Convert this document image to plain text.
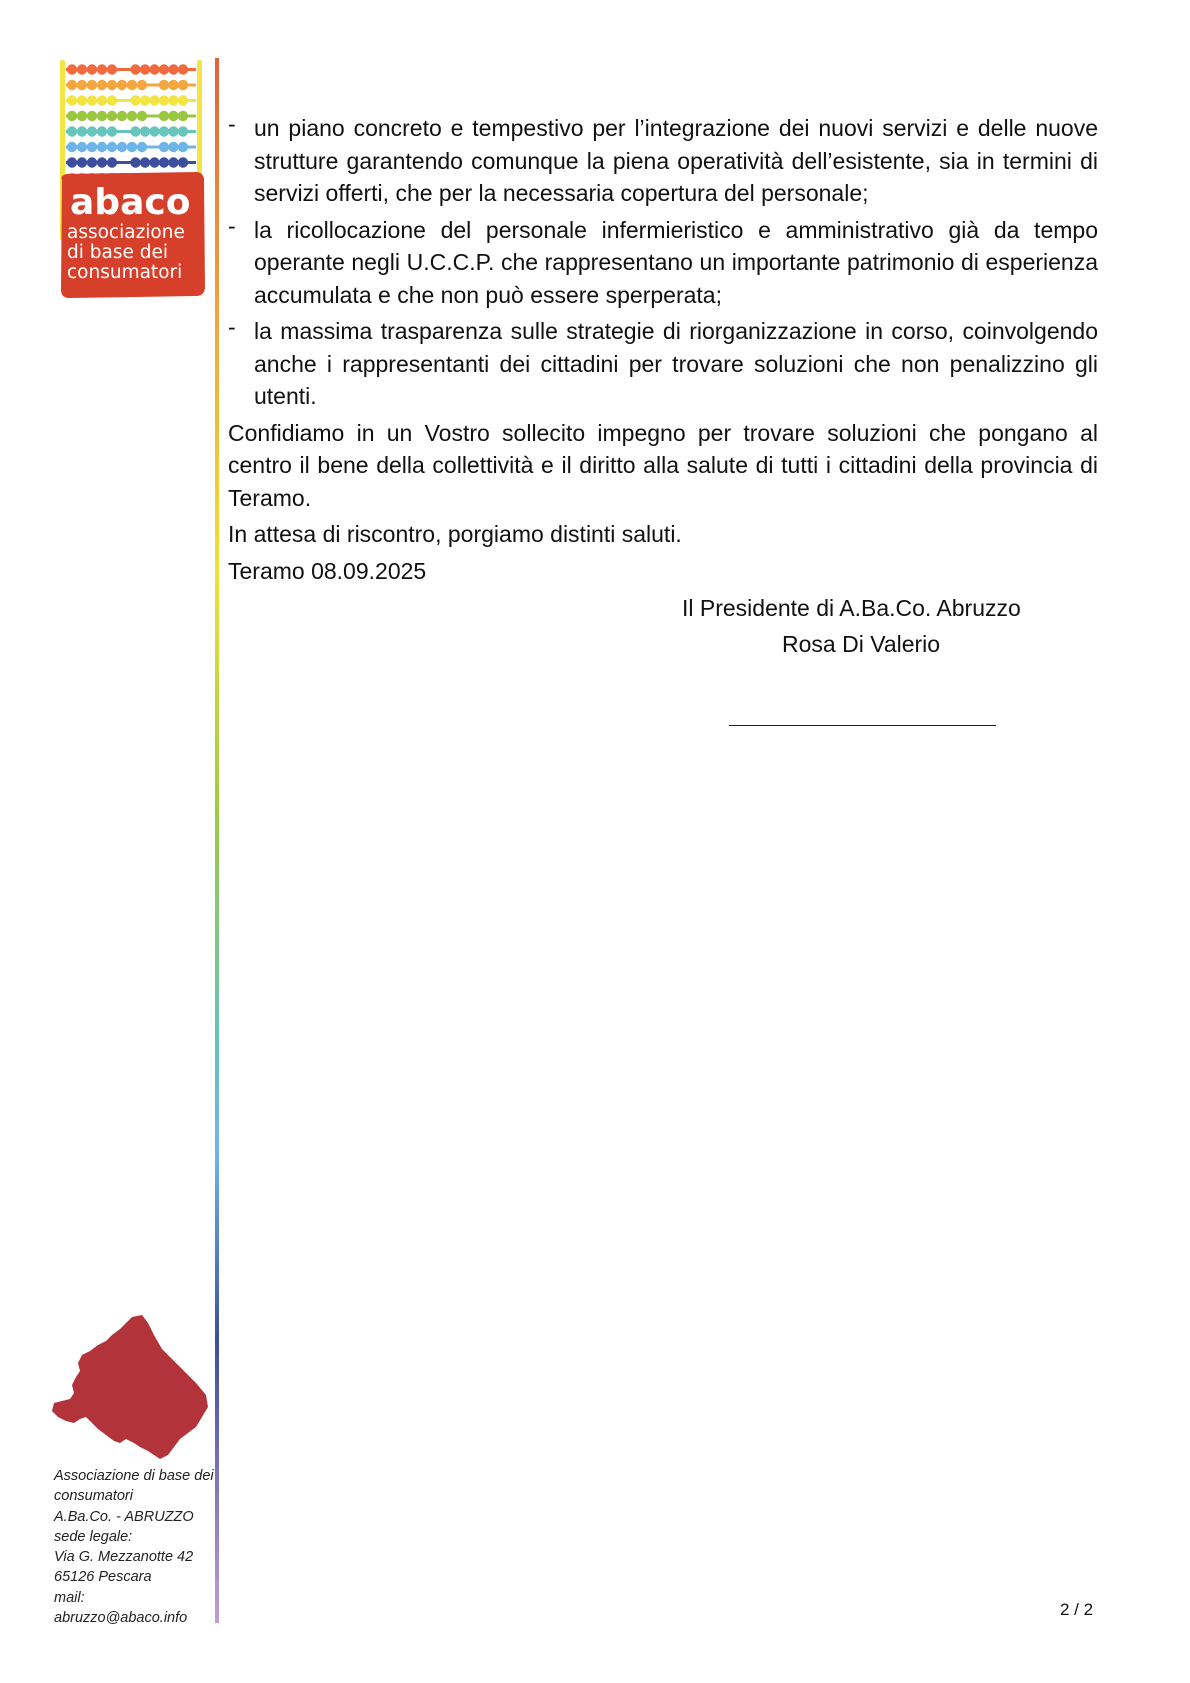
abaco
associazione
di base dei
consumatori
- un piano concreto e tempestivo per l’integrazione dei nuovi servizi e delle nuove strutture garantendo comunque la piena operatività dell’esistente, sia in termini di servizi offerti, che per la necessaria copertura del personale;
- la ricollocazione del personale infermieristico e amministrativo già da tempo operante negli U.C.C.P. che rappresentano un importante patrimonio di esperienza accumulata e che non può essere sperperata;
- la massima trasparenza sulle strategie di riorganizzazione in corso, coinvolgendo anche i rappresentanti dei cittadini per trovare soluzioni che non penalizzino gli utenti.
Confidiamo in un Vostro sollecito impegno per trovare soluzioni che pongano al centro il bene della collettività e il diritto alla salute di tutti i cittadini della provincia di Teramo.
In attesa di riscontro, porgiamo distinti saluti.
Teramo 08.09.2025
Il Presidente di A.Ba.Co. Abruzzo
Rosa Di Valerio
Associazione di base dei
consumatori
A.Ba.Co. - ABRUZZO
sede legale:
Via G. Mezzanotte 42
65126 Pescara
mail:
abruzzo@abaco.info	2 / 2
